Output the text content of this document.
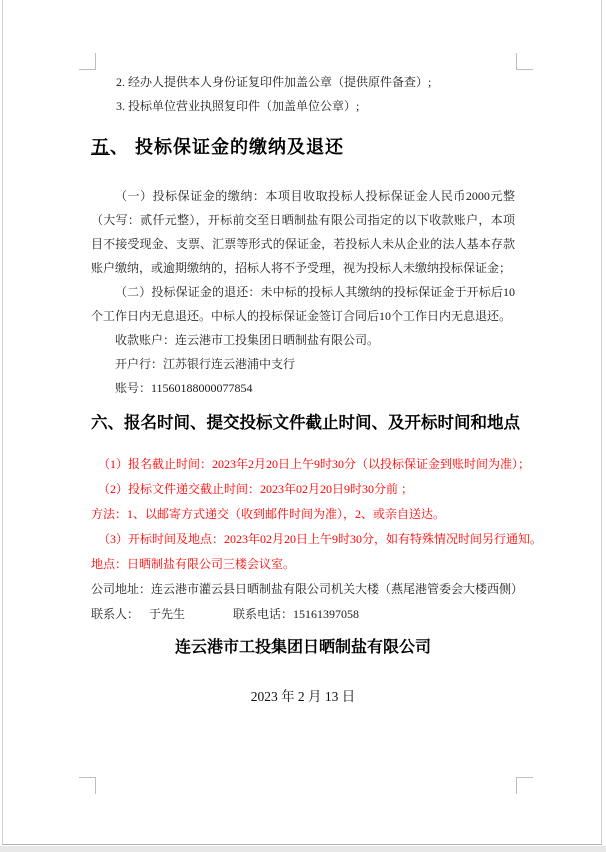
2. 经办人提供本人身份证复印件加盖公章（提供原件备查）;
3. 投标单位营业执照复印件（加盖单位公章）;
五、 投标保证金的缴纳及退还
（一）投标保证金的缴纳：本项目收取投标人投标保证金人民币2000元整（大写：贰仟元整），开标前交至日晒制盐有限公司指定的以下收款账户，本项目不接受现金、支票、汇票等形式的保证金，若投标人未从企业的法人基本存款账户缴纳，或逾期缴纳的，招标人将不予受理，视为投标人未缴纳投标保证金；
（二）投标保证金的退还：未中标的投标人其缴纳的投标保证金于开标后10个工作日内无息退还。中标人的投标保证金签订合同后10个工作日内无息退还。
收款账户：连云港市工投集团日晒制盐有限公司。
开户行：江苏银行连云港浦中支行
账号：11560188000077854
六、报名时间、提交投标文件截止时间、及开标时间和地点
（1）报名截止时间：2023年2月20日上午9时30分（以投标保证金到账时间为准）；
（2）投标文件递交截止时间：2023年02月20日9时30分前 ；
方法：1、以邮寄方式递交（收到邮件时间为准），2、或亲自送达。
（3）开标时间及地点：2023年02月20日上午9时30分，如有特殊情况时间另行通知。
地点：日晒制盐有限公司三楼会议室。
公司地址：连云港市灌云县日晒制盐有限公司机关大楼（燕尾港管委会大楼西侧）
联系人： 于先生	联系电话：15161397058
连云港市工投集团日晒制盐有限公司
2023 年 2 月 13 日
